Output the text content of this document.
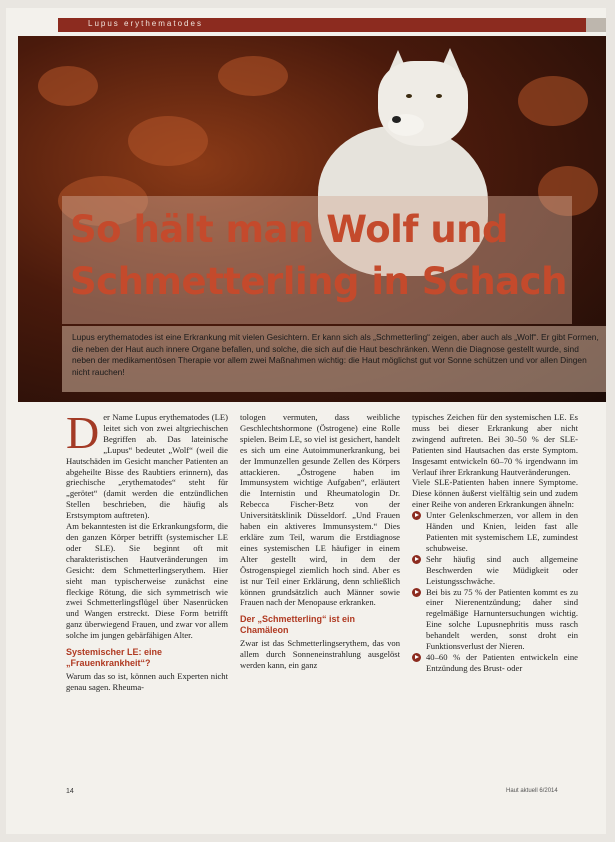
Lupus erythematodes
So hält man Wolf und Schmetterling in Schach
Lupus erythematodes ist eine Erkrankung mit vielen Gesichtern. Er kann sich als „Schmetterling“ zeigen, aber auch als „Wolf“. Er gibt Formen, die neben der Haut auch innere Organe befallen, und solche, die sich auf die Haut beschränken. Wenn die Diagnose gestellt wurde, sind neben der medikamentösen Therapie vor allem zwei Maßnahmen wichtig: die Haut möglichst gut vor Sonne schützen und vor allen Dingen nicht rauchen!
D er Name Lupus erythematodes (LE) leitet sich von zwei altgriechischen Begriffen ab. Das lateinische „Lupus“ bedeutet „Wolf“ (weil die Hautschäden im Gesicht mancher Patienten an abgeheilte Bisse des Raubtiers erinnern), das griechische „erythematodes“ steht für „gerötet“ (damit werden die entzündlichen Stellen beschrieben, die häufig als Erstsymptom auftreten).

Am bekanntesten ist die Erkrankungsform, die den ganzen Körper betrifft (systemischer LE oder SLE). Sie beginnt oft mit charakteristischen Hautveränderungen im Gesicht: dem Schmetterlingserythem. Hier sieht man typischerweise zunächst eine fleckige Rötung, die sich symmetrisch wie zwei Schmetterlingsflügel über Nasenrücken und Wangen erstreckt. Diese Form betrifft ganz überwiegend Frauen, und zwar vor allem solche im jungen gebärfähigen Alter.

Systemischer LE: eine „Frauenkrankheit“?

Warum das so ist, können auch Experten nicht genau sagen. Rheuma-

tologen vermuten, dass weibliche Geschlechtshormone (Östrogene) eine Rolle spielen. Beim LE, so viel ist gesichert, handelt es sich um eine Autoimmunerkrankung, bei der Immunzellen gesunde Zellen des Körpers attackieren. „Östrogene haben im Immunsystem wichtige Aufgaben“, erläutert die Internistin und Rheumatologin Dr. Rebecca Fischer-Betz von der Universitätsklinik Düsseldorf. „Und Frauen haben ein aktiveres Immunsystem.“ Dies erkläre zum Teil, warum die Erstdiagnose eines systemischen LE häufiger in einem Alter gestellt wird, in dem der Östrogenspiegel ziemlich hoch sind. Aber es ist nur Teil einer Erklärung, denn schließlich können grundsätzlich auch Männer sowie Frauen nach der Menopause erkranken.

Der „Schmetterling“ ist ein Chamäleon

Zwar ist das Schmetterlingserythem, das von allem durch Sonneneinstrahlung ausgelöst werden kann, ein ganz

typisches Zeichen für den systemischen LE. Es muss bei dieser Erkrankung aber nicht zwingend auftreten. Bei 30–50 % der SLE-Patienten sind Hautsachen das erste Symptom. Insgesamt entwickeln 60–70 % irgendwann im Verlauf ihrer Erkrankung Hautveränderungen.

Viele SLE-Patienten haben innere Symptome. Diese können äußerst vielfältig sein und zudem einer Reihe von anderen Erkrankungen ähneln:

Unter Gelenkschmerzen, vor allem in den Händen und Knien, leiden fast alle Patienten mit systemischem LE, zumindest schubweise.
Sehr häufig sind auch allgemeine Beschwerden wie Müdigkeit oder Leistungsschwäche.
Bei bis zu 75 % der Patienten kommt es zu einer Nierenentzündung; daher sind regelmäßige Harnuntersuchungen wichtig. Eine solche Lupusnephritis muss rasch behandelt werden, sonst droht ein Funktionsverlust der Nieren.
40–60 % der Patienten entwickeln eine Entzündung des Brust- oder
14	Haut aktuell 6/2014
